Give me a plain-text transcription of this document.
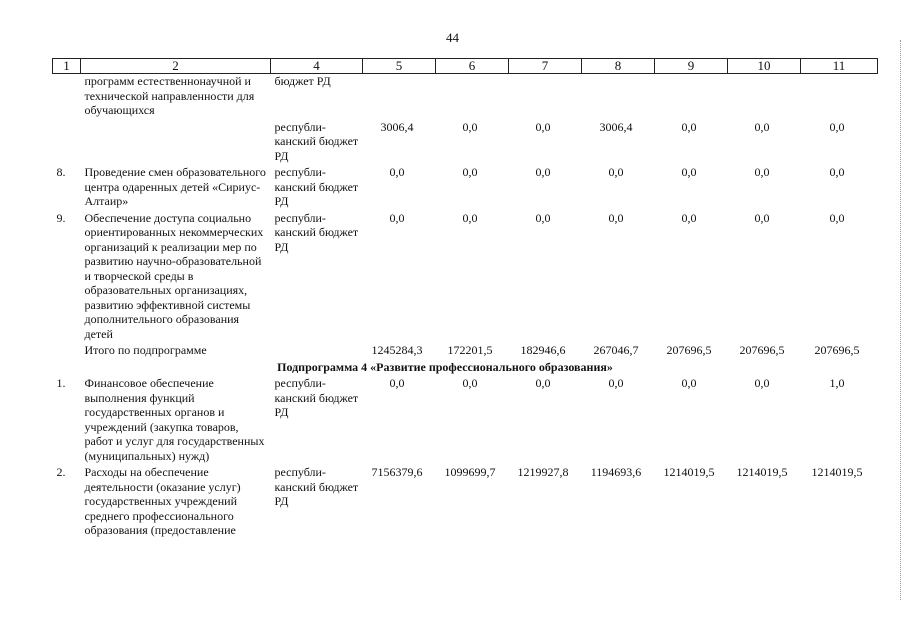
44
1	2	4	5	6	7	8	9	10	11
	программ естественнонаучной и технической направленности для обучающихся	бюджет РД							
		республи-канский бюджет РД	3006,4	0,0	0,0	3006,4	0,0	0,0	0,0
8.	Проведение смен образовательного центра одаренных детей «Сириус-Алтаир»	республи-канский бюджет РД	0,0	0,0	0,0	0,0	0,0	0,0	0,0
9.	Обеспечение доступа социально ориентированных некоммерческих организаций к реализации мер по развитию научно-образовательной и творческой среды в образовательных организациях, развитию эффективной системы дополнительного образования детей	республи-канский бюджет РД	0,0	0,0	0,0	0,0	0,0	0,0	0,0
	Итого по подпрограмме		1245284,3	172201,5	182946,6	267046,7	207696,5	207696,5	207696,5
Подпрограмма 4 «Развитие профессионального образования»									
1.	Финансовое обеспечение выполнения функций государственных органов и учреждений (закупка товаров, работ и услуг для государственных (муниципальных) нужд)	республи-канский бюджет РД	0,0	0,0	0,0	0,0	0,0	0,0	1,0
2.	Расходы на обеспечение деятельности (оказание услуг) государственных учреждений среднего профессионального образования (предоставление	республи-канский бюджет РД	7156379,6	1099699,7	1219927,8	1194693,6	1214019,5	1214019,5	1214019,5
